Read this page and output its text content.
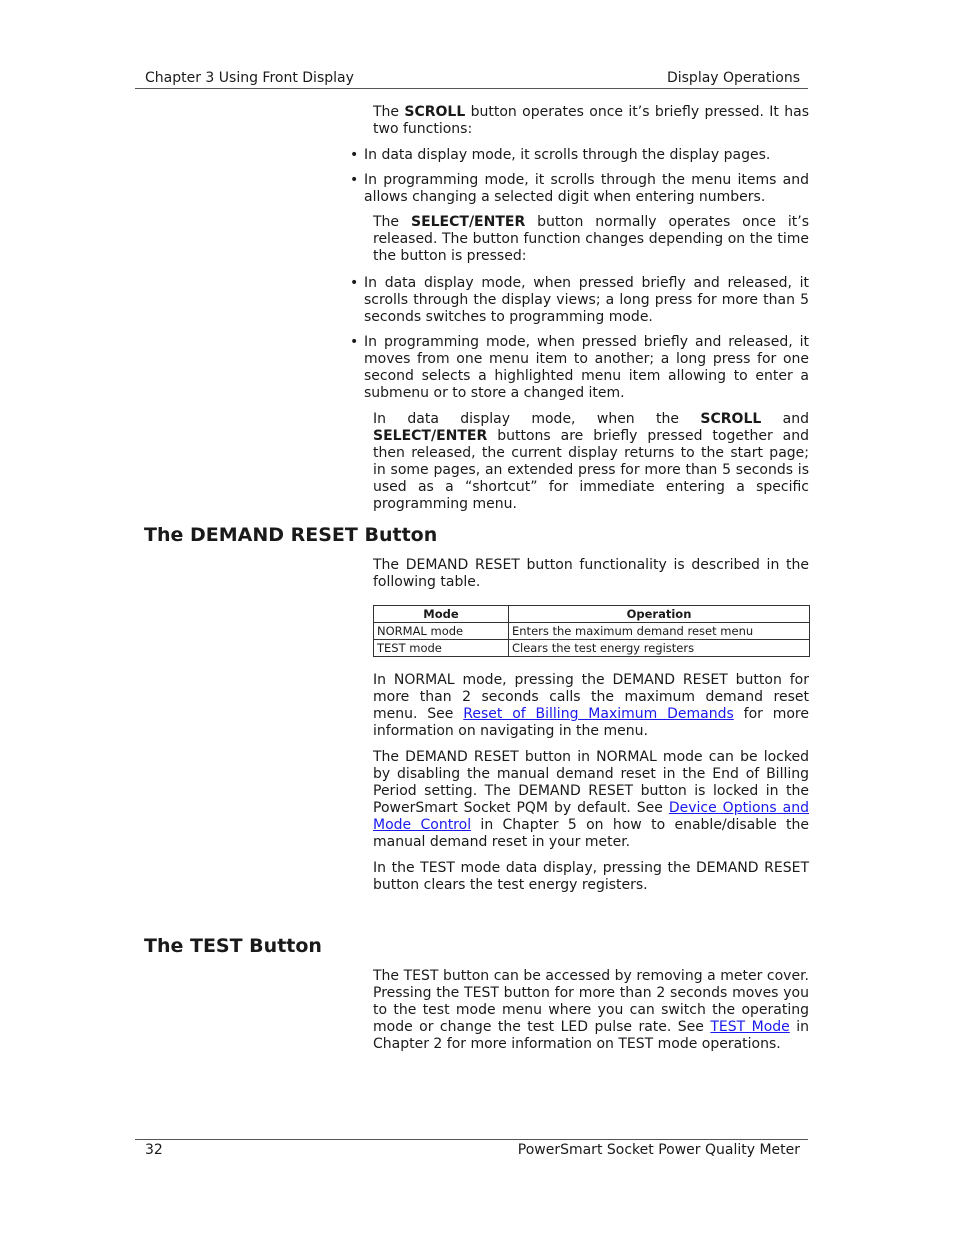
Chapter 3 Using Front Display	Display Operations

The SCROLL button operates once it’s briefly pressed. It has two functions:

• In data display mode, it scrolls through the display pages.
• In programming mode, it scrolls through the menu items and allows changing a selected digit when entering numbers.

The SELECT/ENTER button normally operates once it’s released. The button function changes depending on the time the button is pressed:

• In data display mode, when pressed briefly and released, it scrolls through the display views; a long press for more than 5 seconds switches to programming mode.
• In programming mode, when pressed briefly and released, it moves from one menu item to another; a long press for one second selects a highlighted menu item allowing to enter a submenu or to store a changed item.

In data display mode, when the SCROLL and SELECT/ENTER buttons are briefly pressed together and then released, the current display returns to the start page; in some pages, an extended press for more than 5 seconds is used as a “shortcut” for immediate entering a specific programming menu.

The DEMAND RESET Button

The DEMAND RESET button functionality is described in the following table.

Mode	Operation
NORMAL mode	Enters the maximum demand reset menu
TEST mode	Clears the test energy registers

In NORMAL mode, pressing the DEMAND RESET button for more than 2 seconds calls the maximum demand reset menu. See Reset of Billing Maximum Demands for more information on navigating in the menu.

The DEMAND RESET button in NORMAL mode can be locked by disabling the manual demand reset in the End of Billing Period setting. The DEMAND RESET button is locked in the PowerSmart Socket PQM by default. See Device Options and Mode Control in Chapter 5 on how to enable/disable the manual demand reset in your meter.

In the TEST mode data display, pressing the DEMAND RESET button clears the test energy registers.

The TEST Button

The TEST button can be accessed by removing a meter cover. Pressing the TEST button for more than 2 seconds moves you to the test mode menu where you can switch the operating mode or change the test LED pulse rate. See TEST Mode in Chapter 2 for more information on TEST mode operations.

32	PowerSmart Socket Power Quality Meter
